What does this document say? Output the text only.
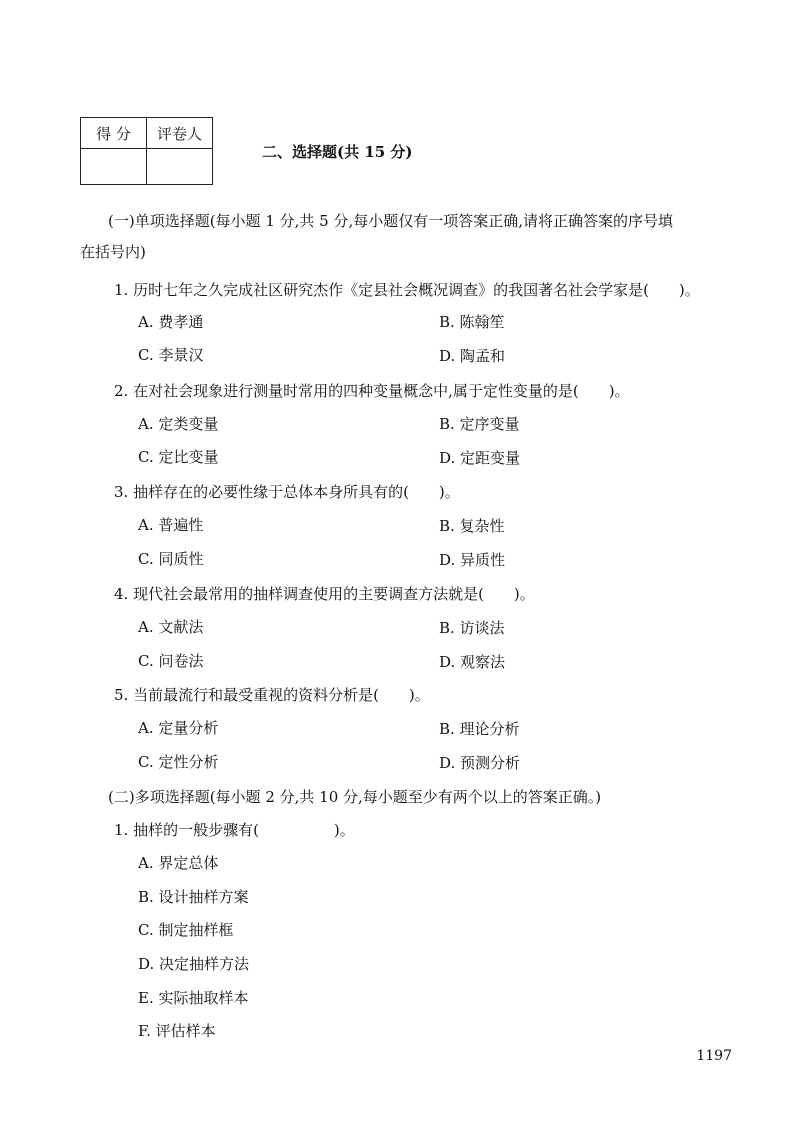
得 分	评卷人

二、选择题(共 15 分)
(一)单项选择题(每小题 1 分,共 5 分,每小题仅有一项答案正确,请将正确答案的序号填
在括号内)
1. 历时七年之久完成社区研究杰作《定县社会概况调查》的我国著名社会学家是(　　)。
A. 费孝通	B. 陈翰笙
C. 李景汉	D. 陶孟和
2. 在对社会现象进行测量时常用的四种变量概念中,属于定性变量的是(　　)。
A. 定类变量	B. 定序变量
C. 定比变量	D. 定距变量
3. 抽样存在的必要性缘于总体本身所具有的(　　)。
A. 普遍性	B. 复杂性
C. 同质性	D. 异质性
4. 现代社会最常用的抽样调查使用的主要调查方法就是(　　)。
A. 文献法	B. 访谈法
C. 问卷法	D. 观察法
5. 当前最流行和最受重视的资料分析是(　　)。
A. 定量分析	B. 理论分析
C. 定性分析	D. 预测分析
(二)多项选择题(每小题 2 分,共 10 分,每小题至少有两个以上的答案正确。)
1. 抽样的一般步骤有(　　　　　)。
A. 界定总体
B. 设计抽样方案
C. 制定抽样框
D. 决定抽样方法
E. 实际抽取样本
F. 评估样本
1197
